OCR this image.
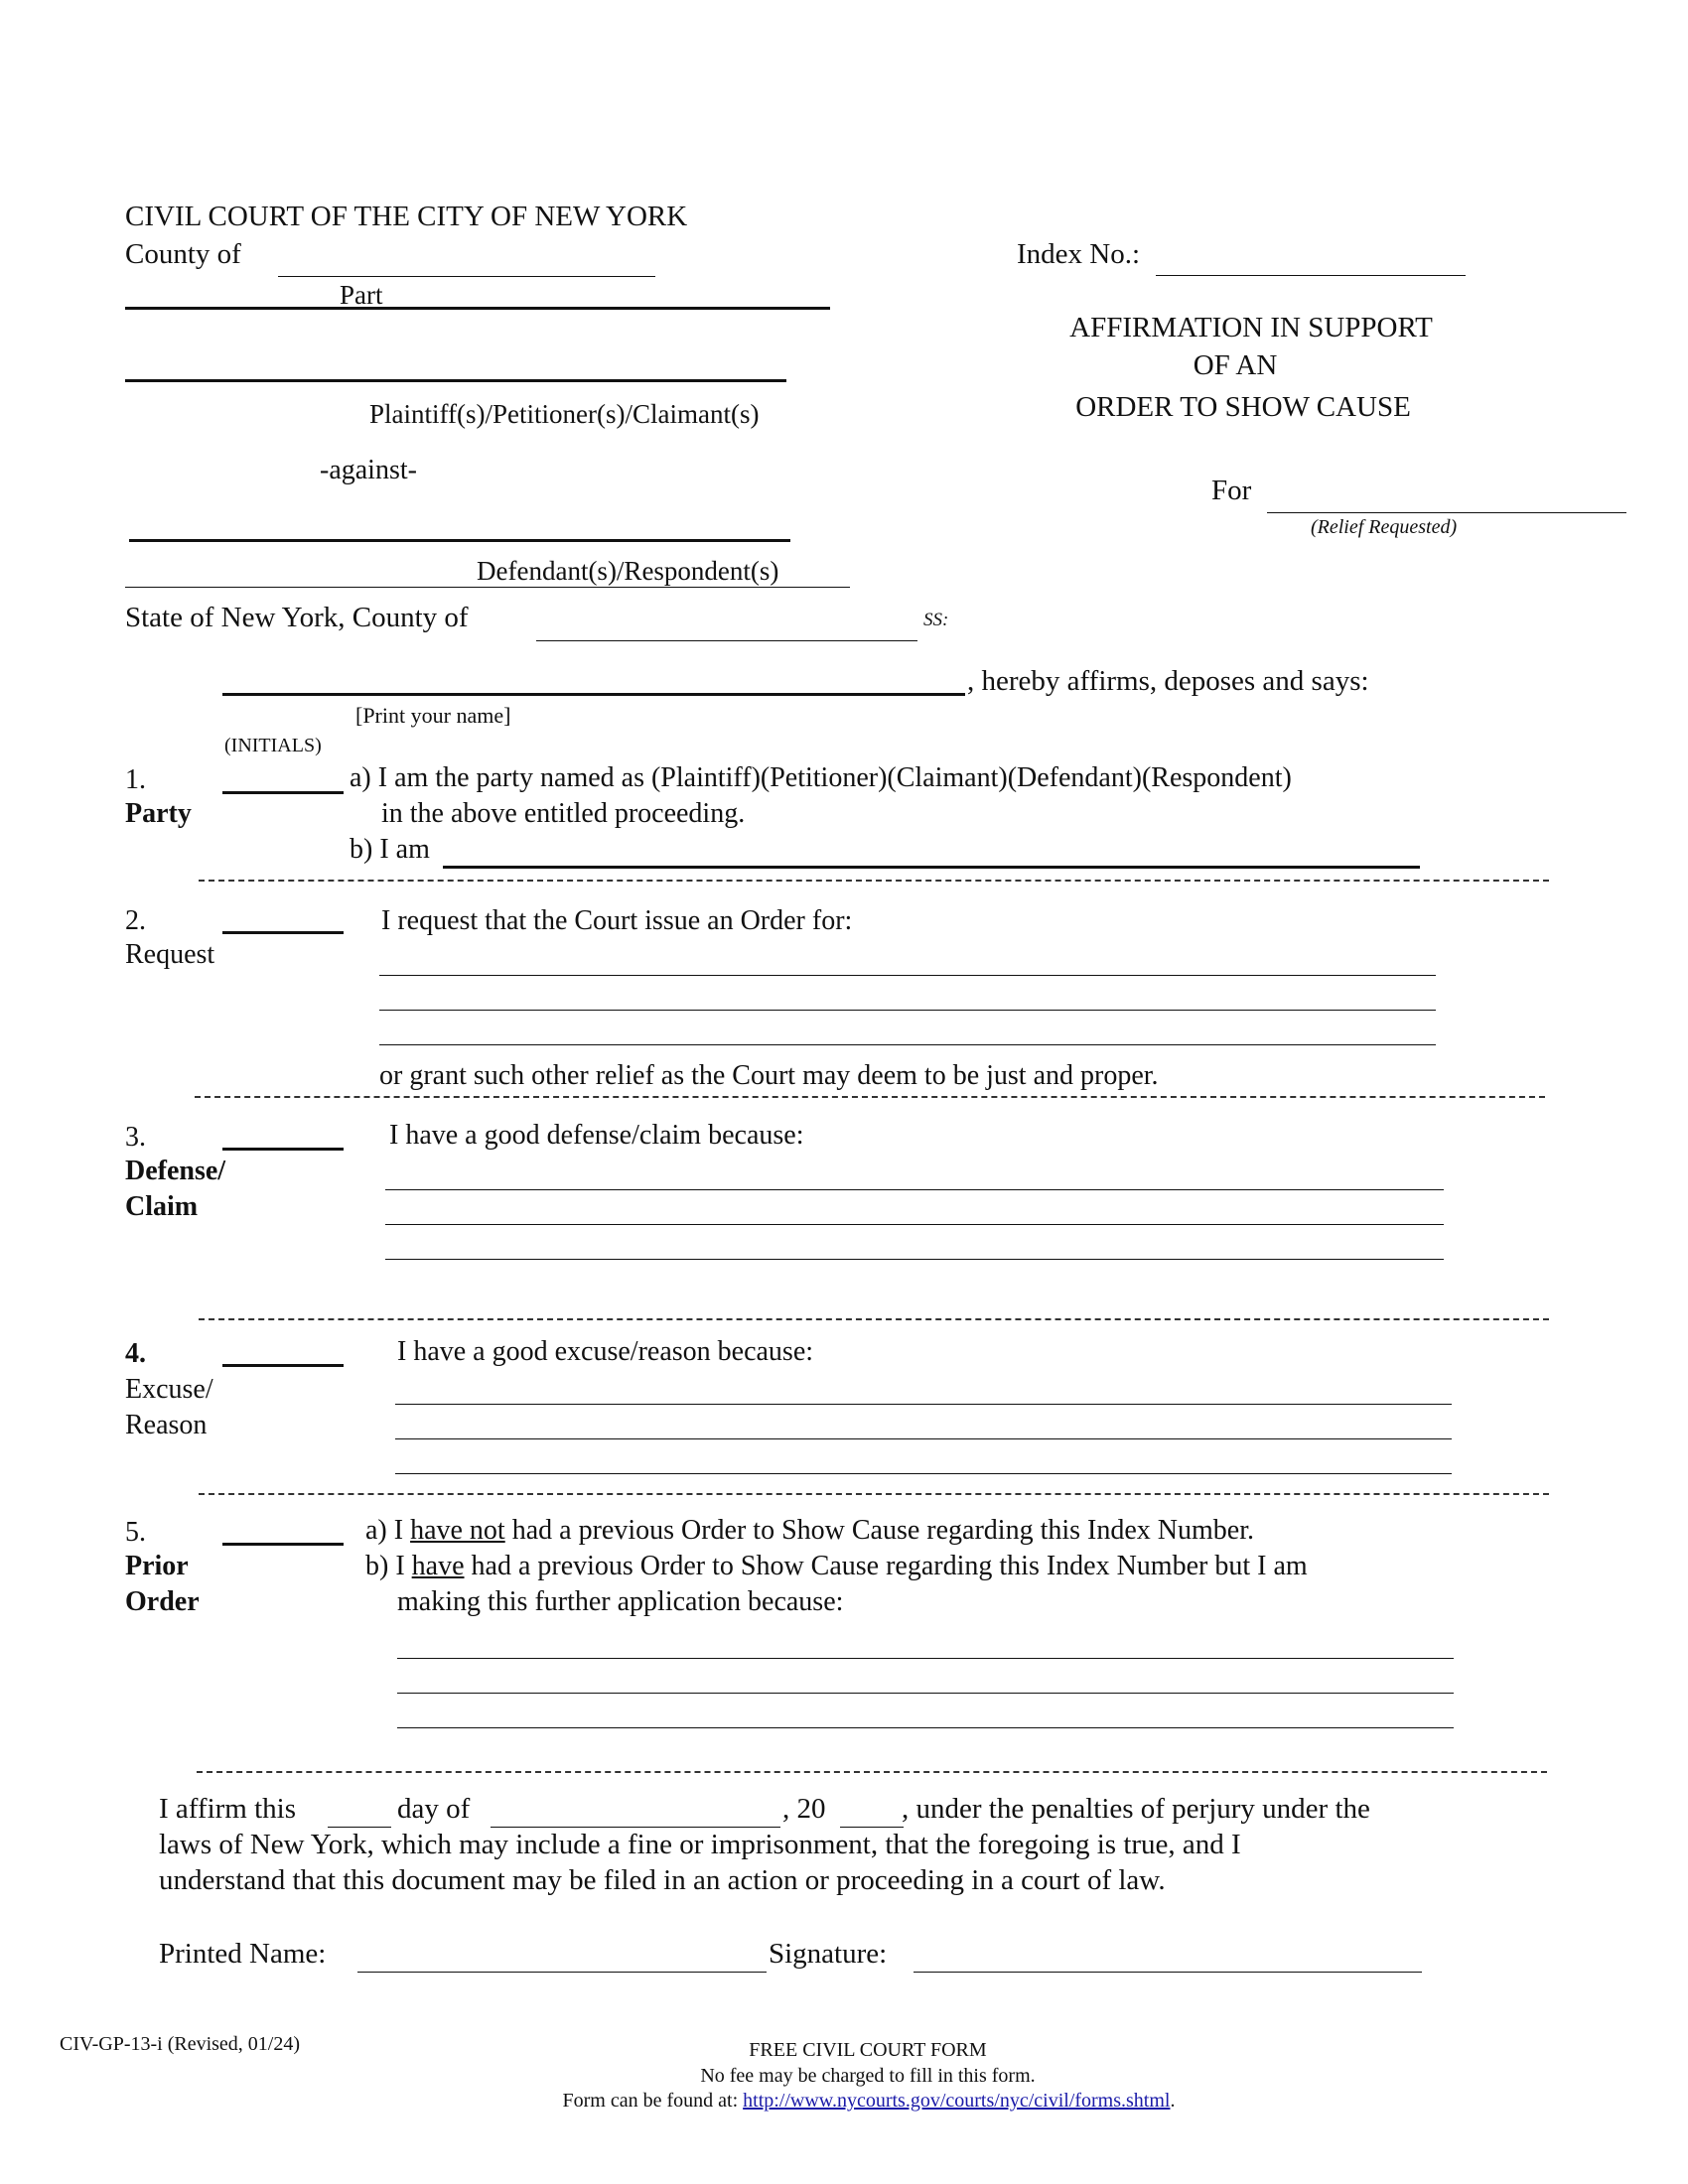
CIVIL COURT OF THE CITY OF NEW YORK
County of
Part
Plaintiff(s)/Petitioner(s)/Claimant(s)
-against-
Defendant(s)/Respondent(s)
Index No.:
AFFIRMATION IN SUPPORT
OF AN
ORDER TO SHOW CAUSE
For
(Relief Requested)
State of New York, County of	SS:
, hereby affirms, deposes and says:
[Print your name]
(INITIALS)
1.
Party
a) I am the party named as (Plaintiff)(Petitioner)(Claimant)(Defendant)(Respondent)
in the above entitled proceeding.
b) I am
2.
Request
I request that the Court issue an Order for:
or grant such other relief as the Court may deem to be just and proper.
3.
Defense/
Claim
I have a good defense/claim because:
4.
Excuse/
Reason
I have a good excuse/reason because:
5.
Prior
Order
a) I have not had a previous Order to Show Cause regarding this Index Number.
b) I have had a previous Order to Show Cause regarding this Index Number but I am
making this further application because:
I affirm this	day of	, 20	, under the penalties of perjury under the
laws of New York, which may include a fine or imprisonment, that the foregoing is true, and I
understand that this document may be filed in an action or proceeding in a court of law.
Printed Name:	Signature:
CIV-GP-13-i (Revised, 01/24)	FREE CIVIL COURT FORM
No fee may be charged to fill in this form.
Form can be found at: http://www.nycourts.gov/courts/nyc/civil/forms.shtml.
